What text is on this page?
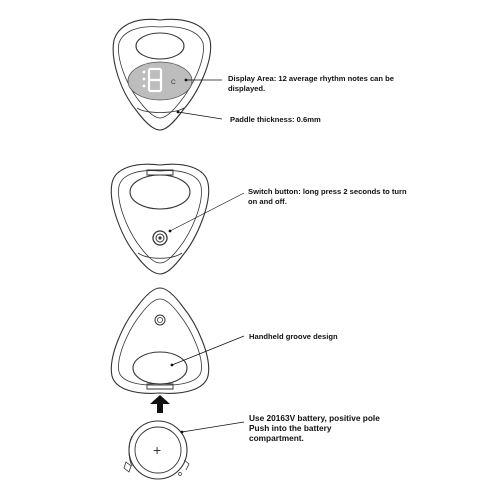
C
+
Display Area: 12 average rhythm notes can be displayed.
Paddle thickness: 0.6mm
Switch button: long press 2 seconds to turn on and off.
Handheld groove design
Use 20163V battery, positive pole
Push into the battery compartment.
